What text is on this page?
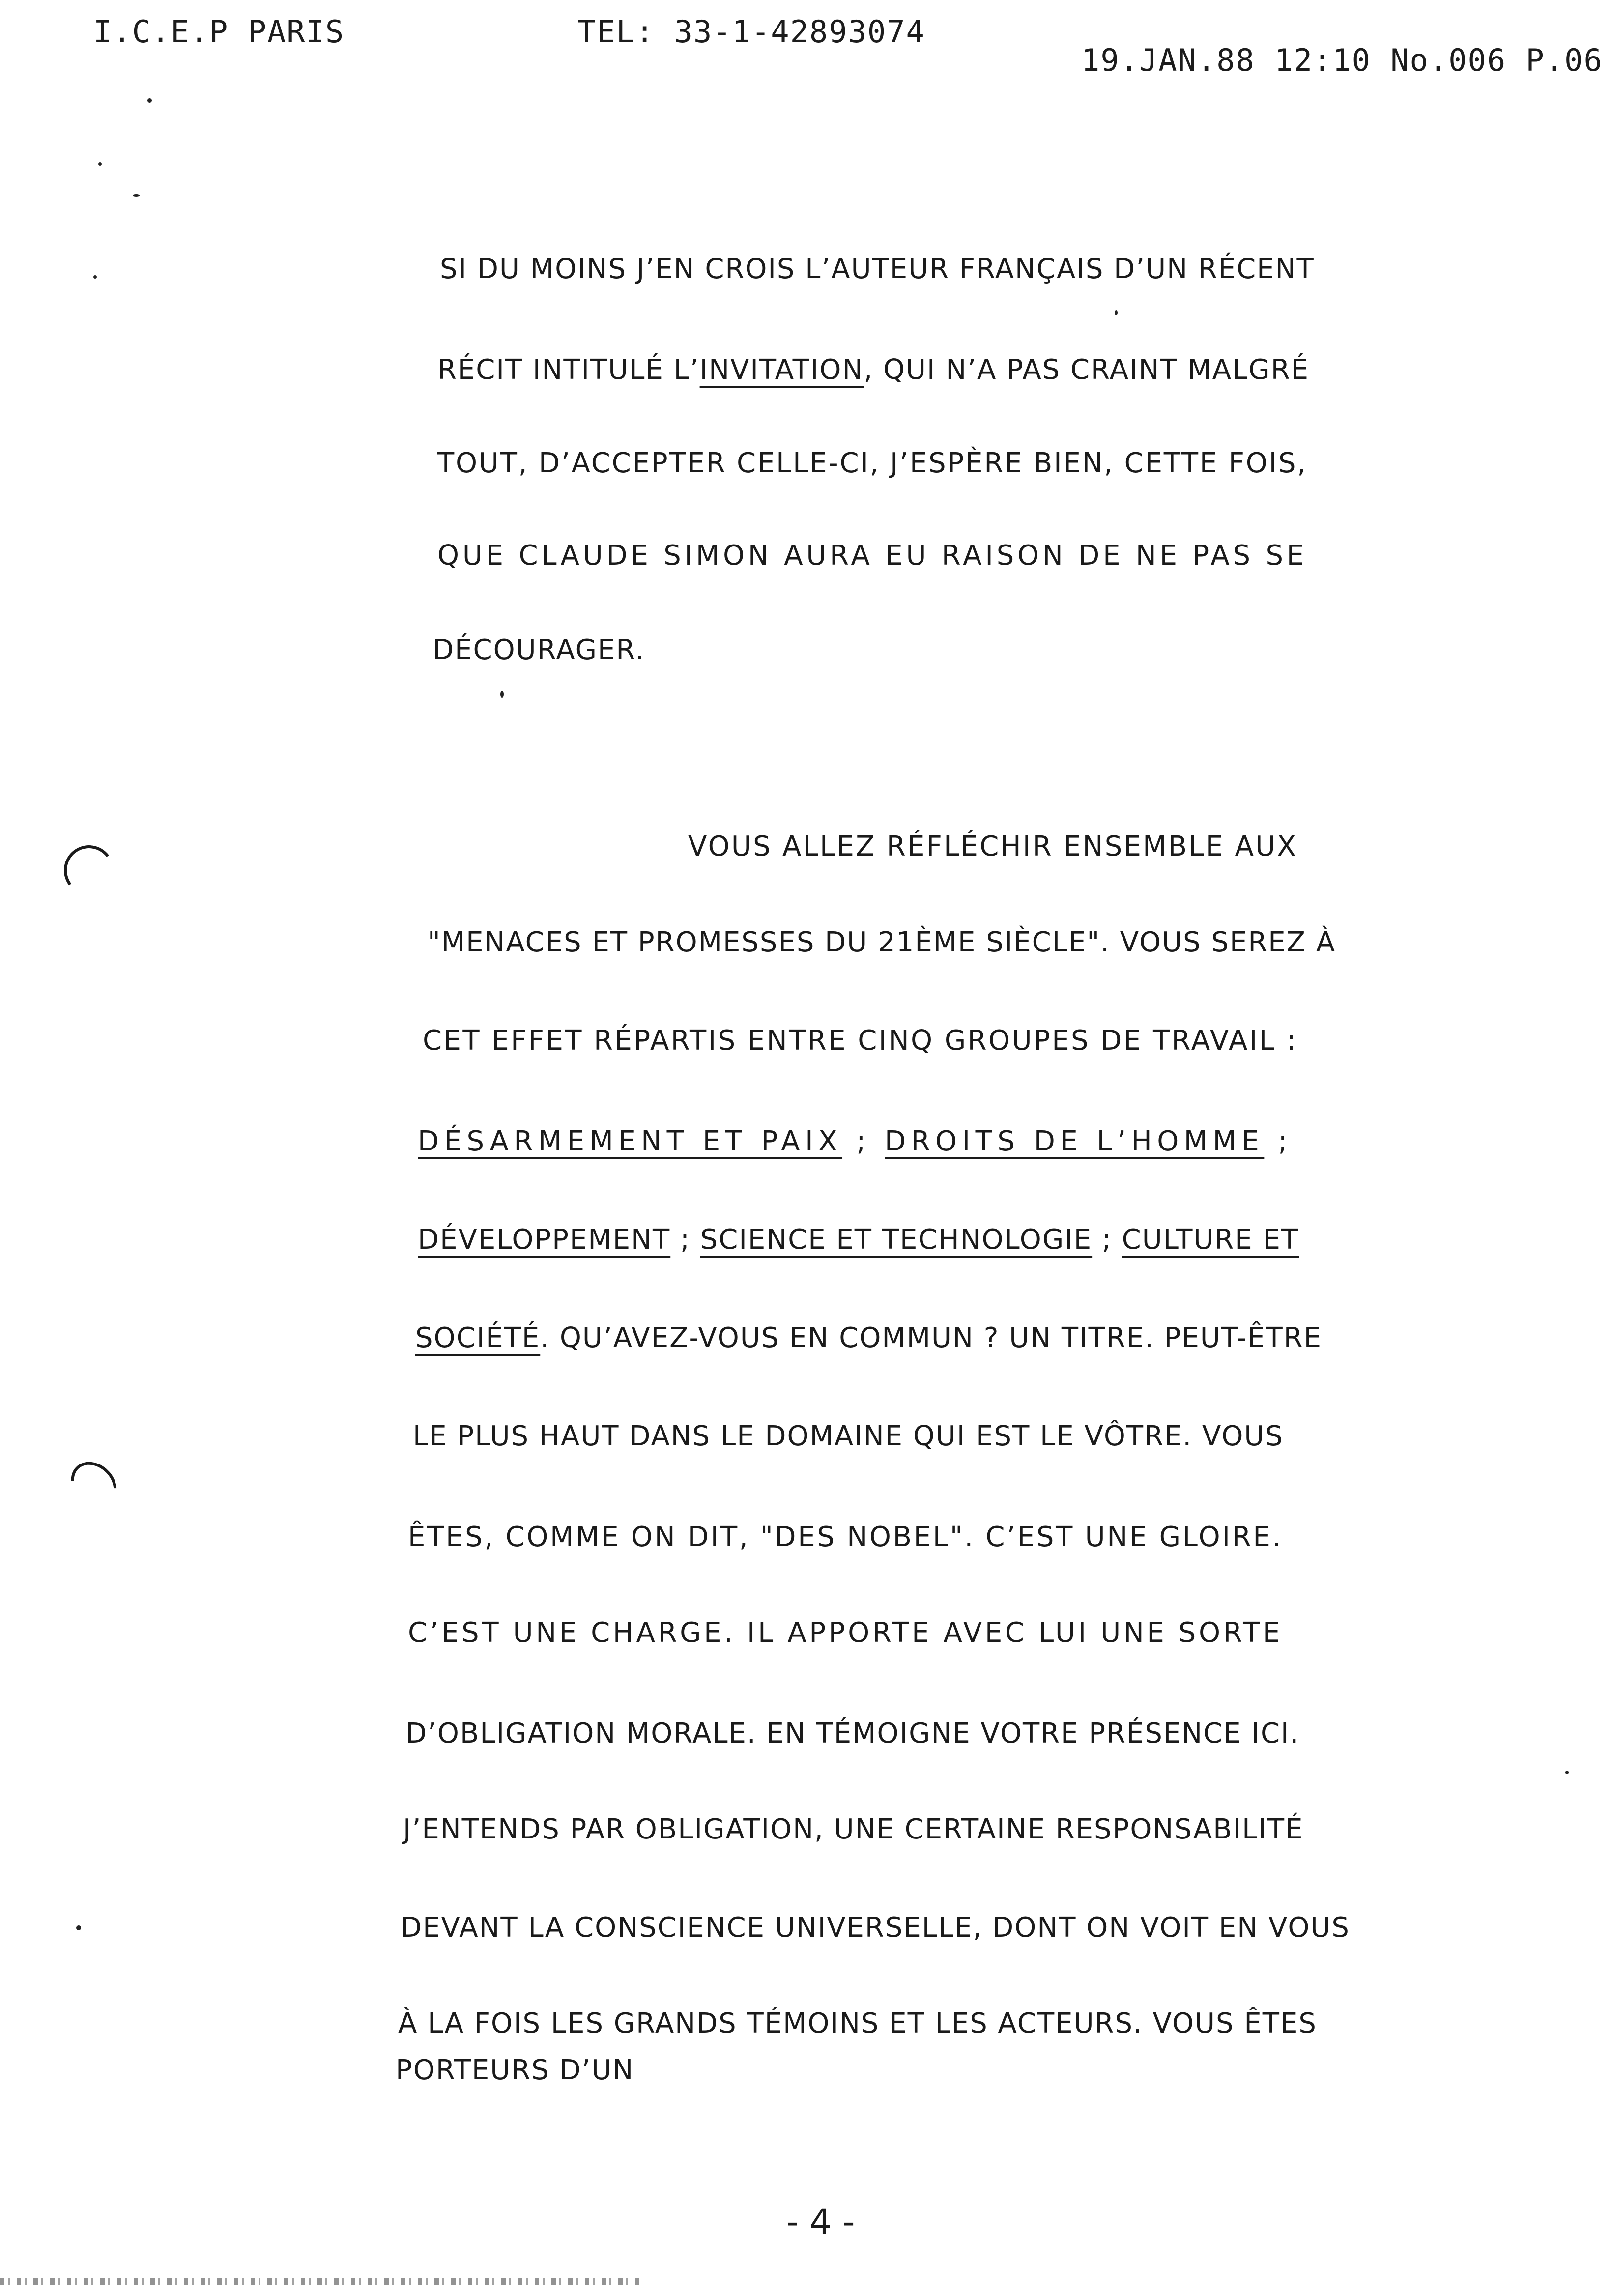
I.C.E.P PARIS	TEL: 33-1-42893074
19.JAN.88 12:10 No.006 P.06
SI DU MOINS J’EN CROIS L’AUTEUR FRANÇAIS D’UN RÉCENT
RÉCIT INTITULÉ L’INVITATION, QUI N’A PAS CRAINT MALGRÉ
TOUT, D’ACCEPTER CELLE-CI, J’ESPÈRE BIEN, CETTE FOIS,
QUE CLAUDE SIMON AURA EU RAISON DE NE PAS SE
DÉCOURAGER.
VOUS ALLEZ RÉFLÉCHIR ENSEMBLE AUX
"MENACES ET PROMESSES DU 21ÈME SIÈCLE". VOUS SEREZ À
CET EFFET RÉPARTIS ENTRE CINQ GROUPES DE TRAVAIL :
DÉSARMEMENT ET PAIX ; DROITS DE L’HOMME ;
DÉVELOPPEMENT ; SCIENCE ET TECHNOLOGIE ; CULTURE ET
SOCIÉTÉ. QU’AVEZ-VOUS EN COMMUN ? UN TITRE. PEUT-ÊTRE
LE PLUS HAUT DANS LE DOMAINE QUI EST LE VÔTRE. VOUS
ÊTES, COMME ON DIT, "DES NOBEL". C’EST UNE GLOIRE.
C’EST UNE CHARGE. IL APPORTE AVEC LUI UNE SORTE
D’OBLIGATION MORALE. EN TÉMOIGNE VOTRE PRÉSENCE ICI.
J’ENTENDS PAR OBLIGATION, UNE CERTAINE RESPONSABILITÉ
DEVANT LA CONSCIENCE UNIVERSELLE, DONT ON VOIT EN VOUS
À LA FOIS LES GRANDS TÉMOINS ET LES ACTEURS. VOUS ÊTES
PORTEURS D’UN
- 4 -
